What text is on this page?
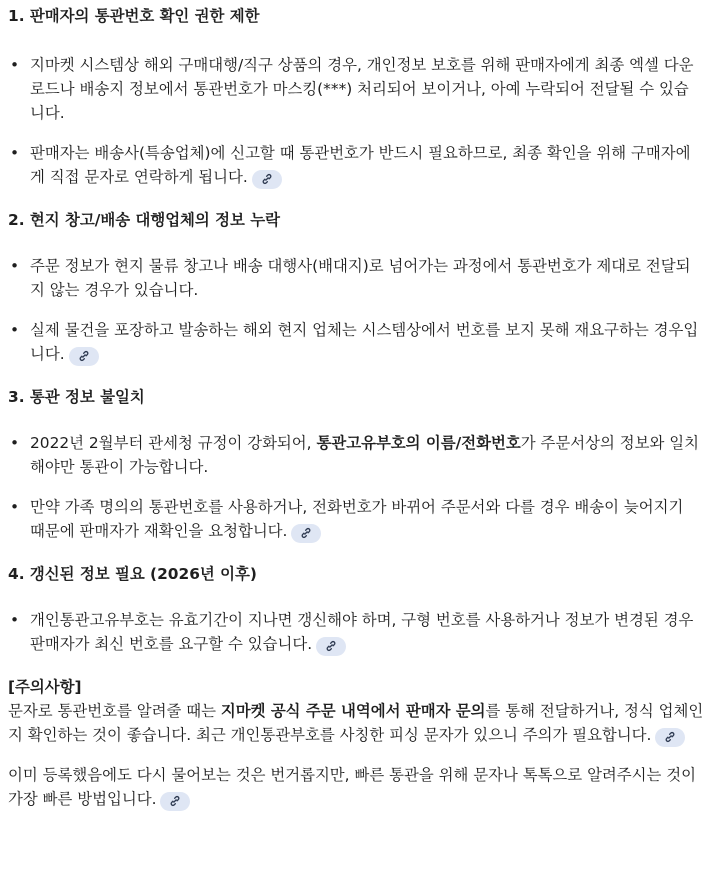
1. 판매자의 통관번호 확인 권한 제한
• 지마켓 시스템상 해외 구매대행/직구 상품의 경우, 개인정보 보호를 위해 판매자에게 최종 엑셀 다운로드나 배송지 정보에서 통관번호가 마스킹(***) 처리되어 보이거나, 아예 누락되어 전달될 수 있습니다.
• 판매자는 배송사(특송업체)에 신고할 때 통관번호가 반드시 필요하므로, 최종 확인을 위해 구매자에게 직접 문자로 연락하게 됩니다.
2. 현지 창고/배송 대행업체의 정보 누락
• 주문 정보가 현지 물류 창고나 배송 대행사(배대지)로 넘어가는 과정에서 통관번호가 제대로 전달되지 않는 경우가 있습니다.
• 실제 물건을 포장하고 발송하는 해외 현지 업체는 시스템상에서 번호를 보지 못해 재요구하는 경우입니다.
3. 통관 정보 불일치
• 2022년 2월부터 관세청 규정이 강화되어, 통관고유부호의 이름/전화번호가 주문서상의 정보와 일치해야만 통관이 가능합니다.
• 만약 가족 명의의 통관번호를 사용하거나, 전화번호가 바뀌어 주문서와 다를 경우 배송이 늦어지기 때문에 판매자가 재확인을 요청합니다.
4. 갱신된 정보 필요 (2026년 이후)
• 개인통관고유부호는 유효기간이 지나면 갱신해야 하며, 구형 번호를 사용하거나 정보가 변경된 경우 판매자가 최신 번호를 요구할 수 있습니다.
[주의사항]

문자로 통관번호를 알려줄 때는 지마켓 공식 주문 내역에서 판매자 문의를 통해 전달하거나, 정식 업체인지 확인하는 것이 좋습니다. 최근 개인통관부호를 사칭한 피싱 문자가 있으니 주의가 필요합니다.

이미 등록했음에도 다시 물어보는 것은 번거롭지만, 빠른 통관을 위해 문자나 톡톡으로 알려주시는 것이 가장 빠른 방법입니다.
